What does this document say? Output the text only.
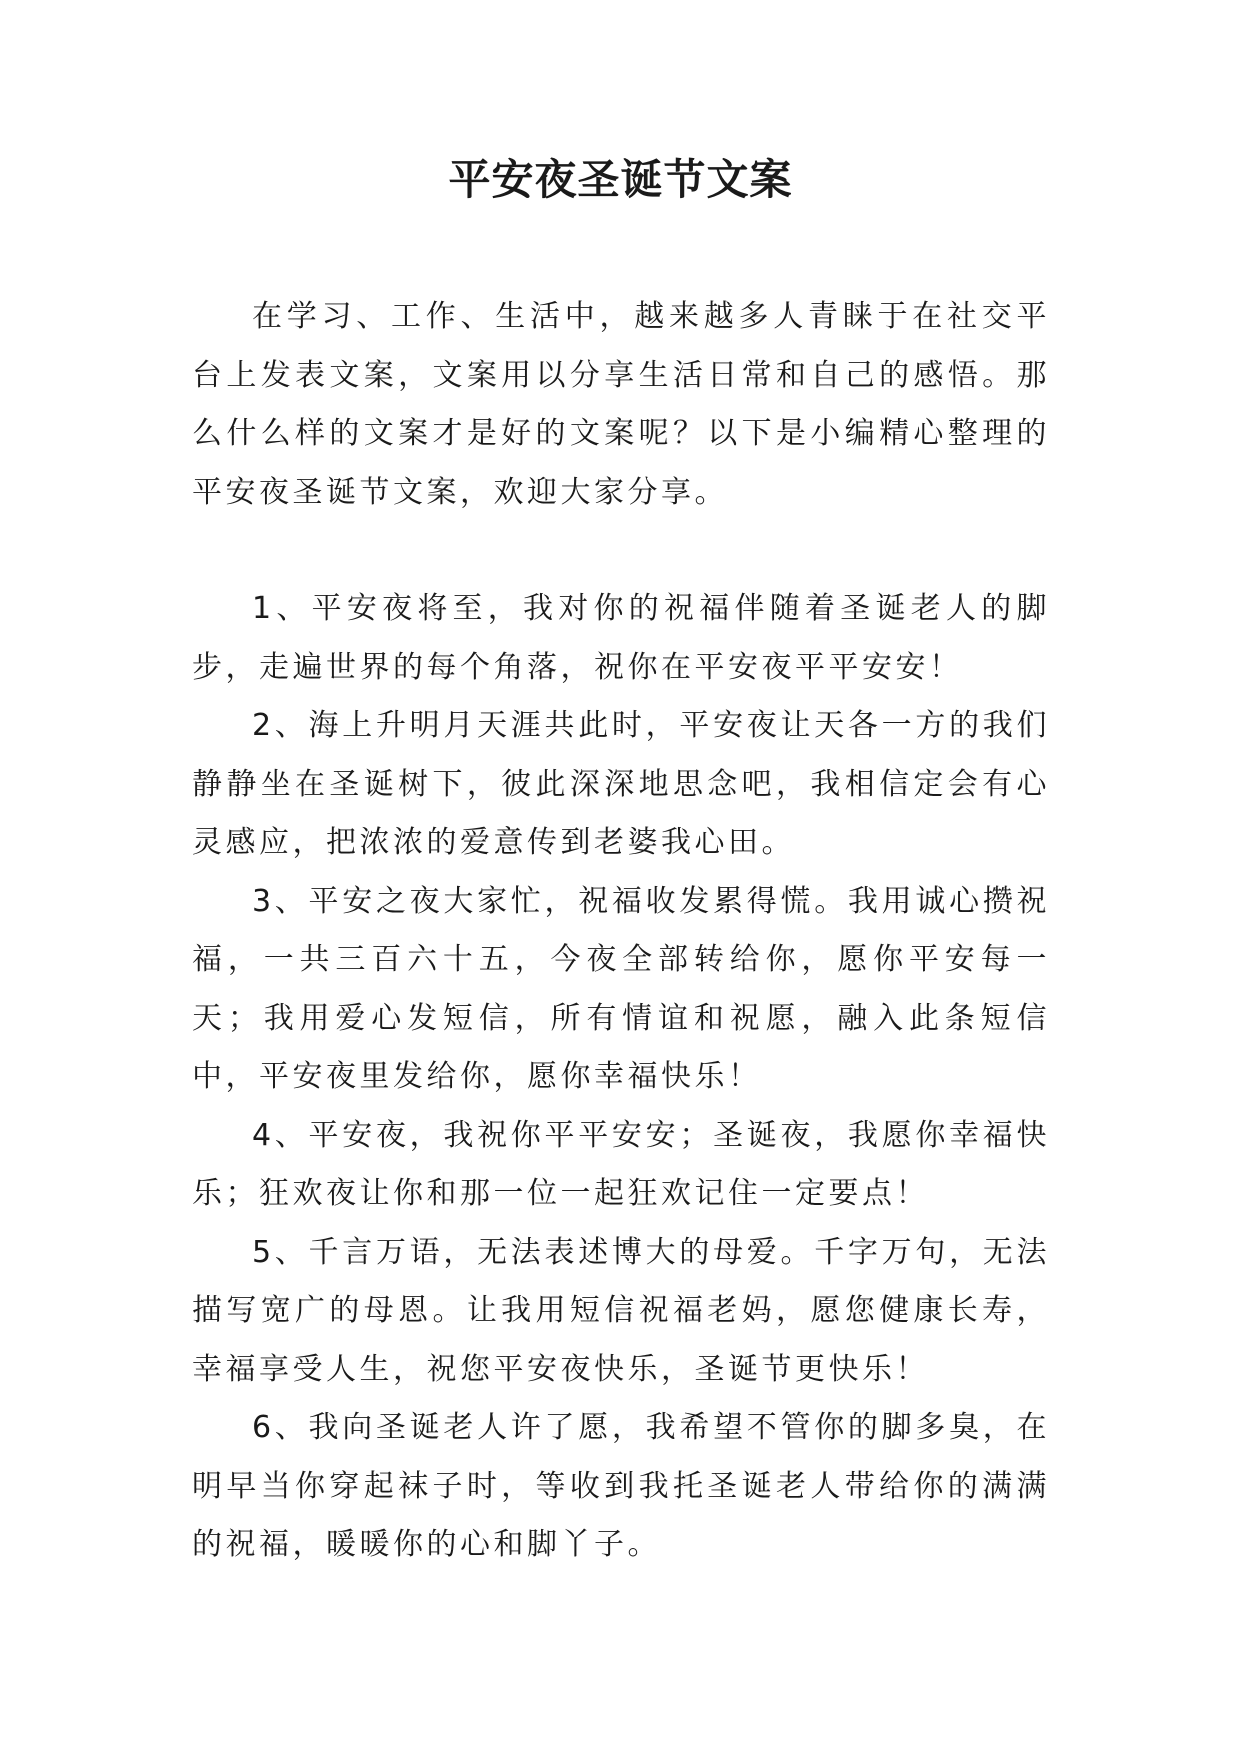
平安夜圣诞节文案

在学习、工作、生活中，越来越多人青睐于在社交平台上发表文案，文案用以分享生活日常和自己的感悟。那么什么样的文案才是好的文案呢？以下是小编精心整理的平安夜圣诞节文案，欢迎大家分享。

1、平安夜将至，我对你的祝福伴随着圣诞老人的脚步，走遍世界的每个角落，祝你在平安夜平平安安！

2、海上升明月天涯共此时，平安夜让天各一方的我们静静坐在圣诞树下，彼此深深地思念吧，我相信定会有心灵感应，把浓浓的爱意传到老婆我心田。

3、平安之夜大家忙，祝福收发累得慌。我用诚心攒祝福，一共三百六十五，今夜全部转给你，愿你平安每一天；我用爱心发短信，所有情谊和祝愿，融入此条短信中，平安夜里发给你，愿你幸福快乐！

4、平安夜，我祝你平平安安；圣诞夜，我愿你幸福快乐；狂欢夜让你和那一位一起狂欢记住一定要点！

5、千言万语，无法表述博大的母爱。千字万句，无法描写宽广的母恩。让我用短信祝福老妈，愿您健康长寿，幸福享受人生，祝您平安夜快乐，圣诞节更快乐！

6、我向圣诞老人许了愿，我希望不管你的脚多臭，在明早当你穿起袜子时，等收到我托圣诞老人带给你的满满的祝福，暖暖你的心和脚丫子。
